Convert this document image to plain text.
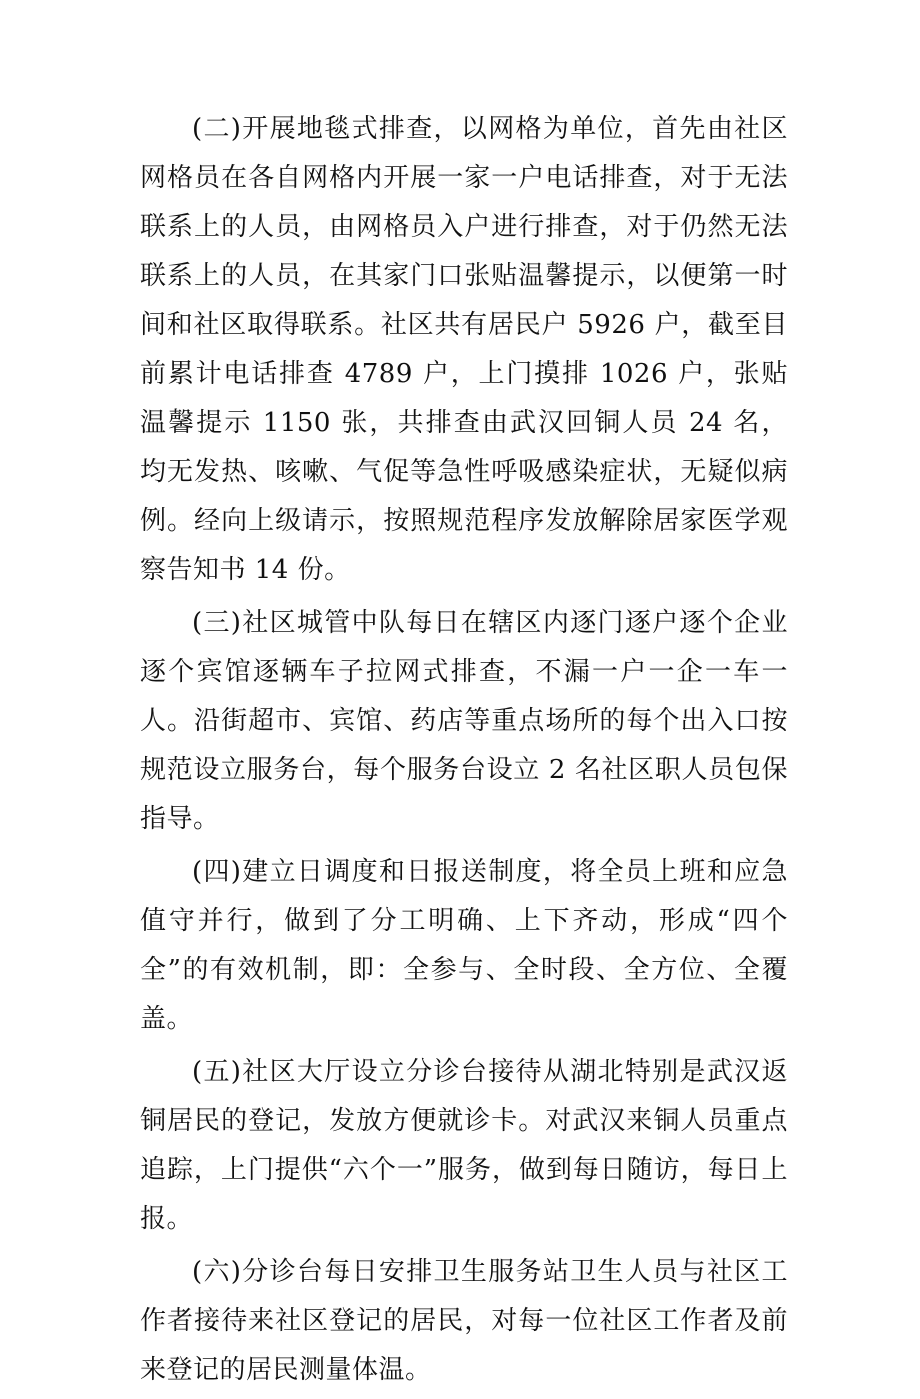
(二)开展地毯式排查，以网格为单位，首先由社区网格员在各自网格内开展一家一户电话排查，对于无法联系上的人员，由网格员入户进行排查，对于仍然无法联系上的人员，在其家门口张贴温馨提示，以便第一时间和社区取得联系。社区共有居民户 5926 户，截至目前累计电话排查 4789 户，上门摸排 1026 户，张贴温馨提示 1150 张，共排查由武汉回铜人员 24 名， 均无发热、咳嗽、气促等急性呼吸感染症状，无疑似病例。经向上级请示，按照规范程序发放解除居家医学观察告知书 14 份。

(三)社区城管中队每日在辖区内逐门逐户逐个企业逐个宾馆逐辆车子拉网式排查，不漏一户一企一车一人。沿街超市、宾馆、药店等重点场所的每个出入口按规范设立服务台，每个服务台设立 2 名社区职人员包保指导。

(四)建立日调度和日报送制度，将全员上班和应急值守并行，做到了分工明确、上下齐动，形成“四个全”的有效机制，即：全参与、全时段、全方位、全覆盖。

(五)社区大厅设立分诊台接待从湖北特别是武汉返铜居民的登记，发放方便就诊卡。对武汉来铜人员重点追踪，上门提供“六个一”服务，做到每日随访，每日上报。

(六)分诊台每日安排卫生服务站卫生人员与社区工作者接待来社区登记的居民，对每一位社区工作者及前来登记的居民测量体温。
